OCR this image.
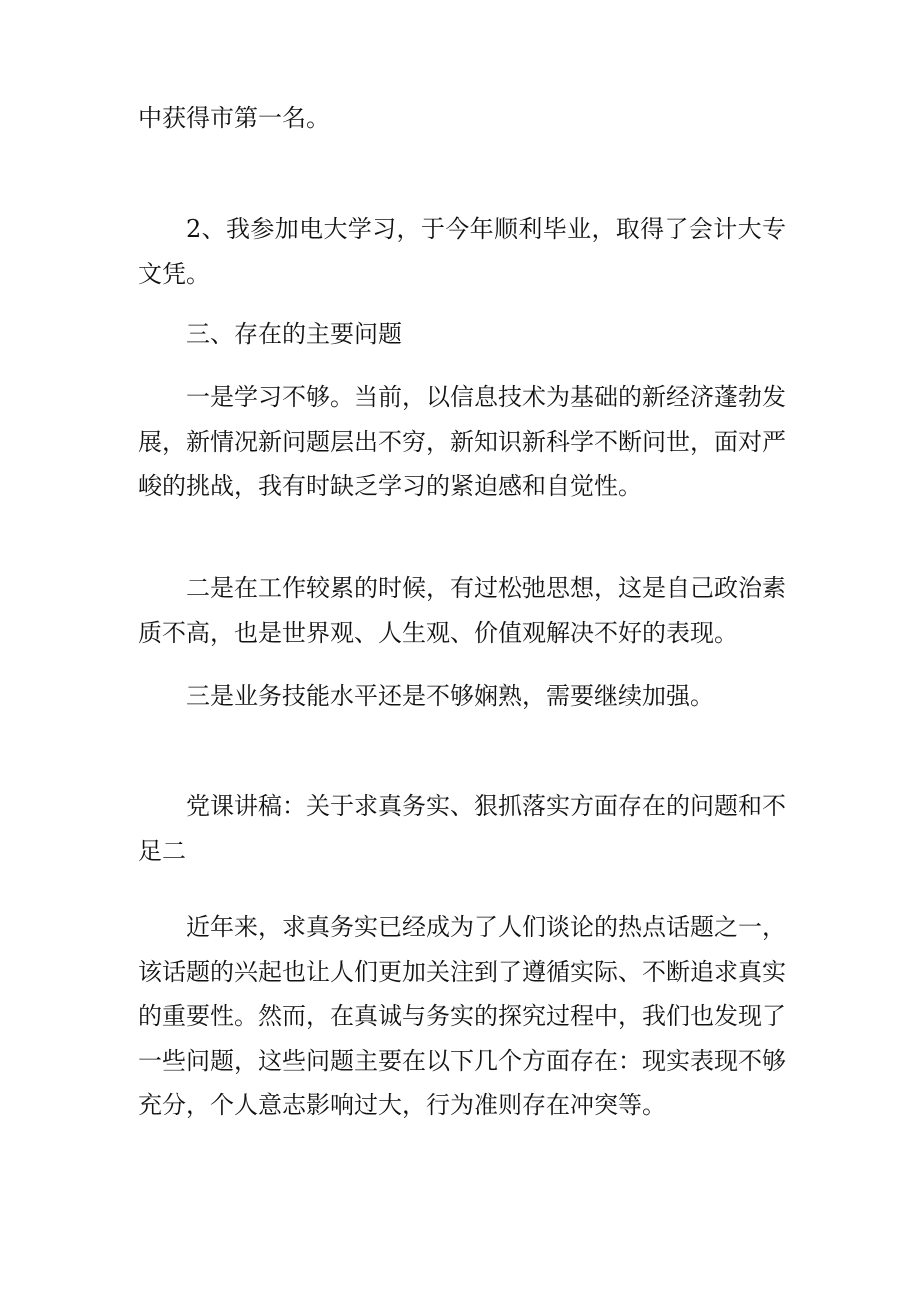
中获得市第一名。

2、我参加电大学习，于今年顺利毕业，取得了会计大专文凭。

三、存在的主要问题

一是学习不够。当前，以信息技术为基础的新经济蓬勃发展，新情况新问题层出不穷，新知识新科学不断问世，面对严峻的挑战，我有时缺乏学习的紧迫感和自觉性。

二是在工作较累的时候，有过松弛思想，这是自己政治素质不高，也是世界观、人生观、价值观解决不好的表现。

三是业务技能水平还是不够娴熟，需要继续加强。

党课讲稿：关于求真务实、狠抓落实方面存在的问题和不足二

近年来，求真务实已经成为了人们谈论的热点话题之一，该话题的兴起也让人们更加关注到了遵循实际、不断追求真实的重要性。然而，在真诚与务实的探究过程中，我们也发现了一些问题，这些问题主要在以下几个方面存在：现实表现不够充分，个人意志影响过大，行为准则存在冲突等。
